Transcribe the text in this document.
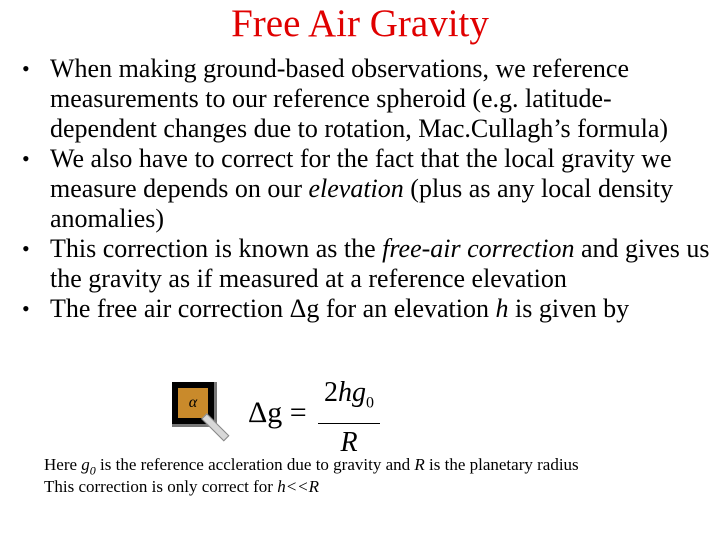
Free Air Gravity
• When making ground-based observations, we reference measurements to our reference spheroid (e.g. latitude-dependent changes due to rotation, Mac.Cullagh’s formula)
• We also have to correct for the fact that the local gravity we measure depends on our elevation (plus as any local density anomalies)
• This correction is known as the free-air correction and gives us the gravity as if measured at a reference elevation
• The free air correction Δg for an elevation h is given by
α	Δg =
$2hg_0$
R
Here $g_0$ is the reference accleration due to gravity and R is the planetary radius
This correction is only correct for h<<R
